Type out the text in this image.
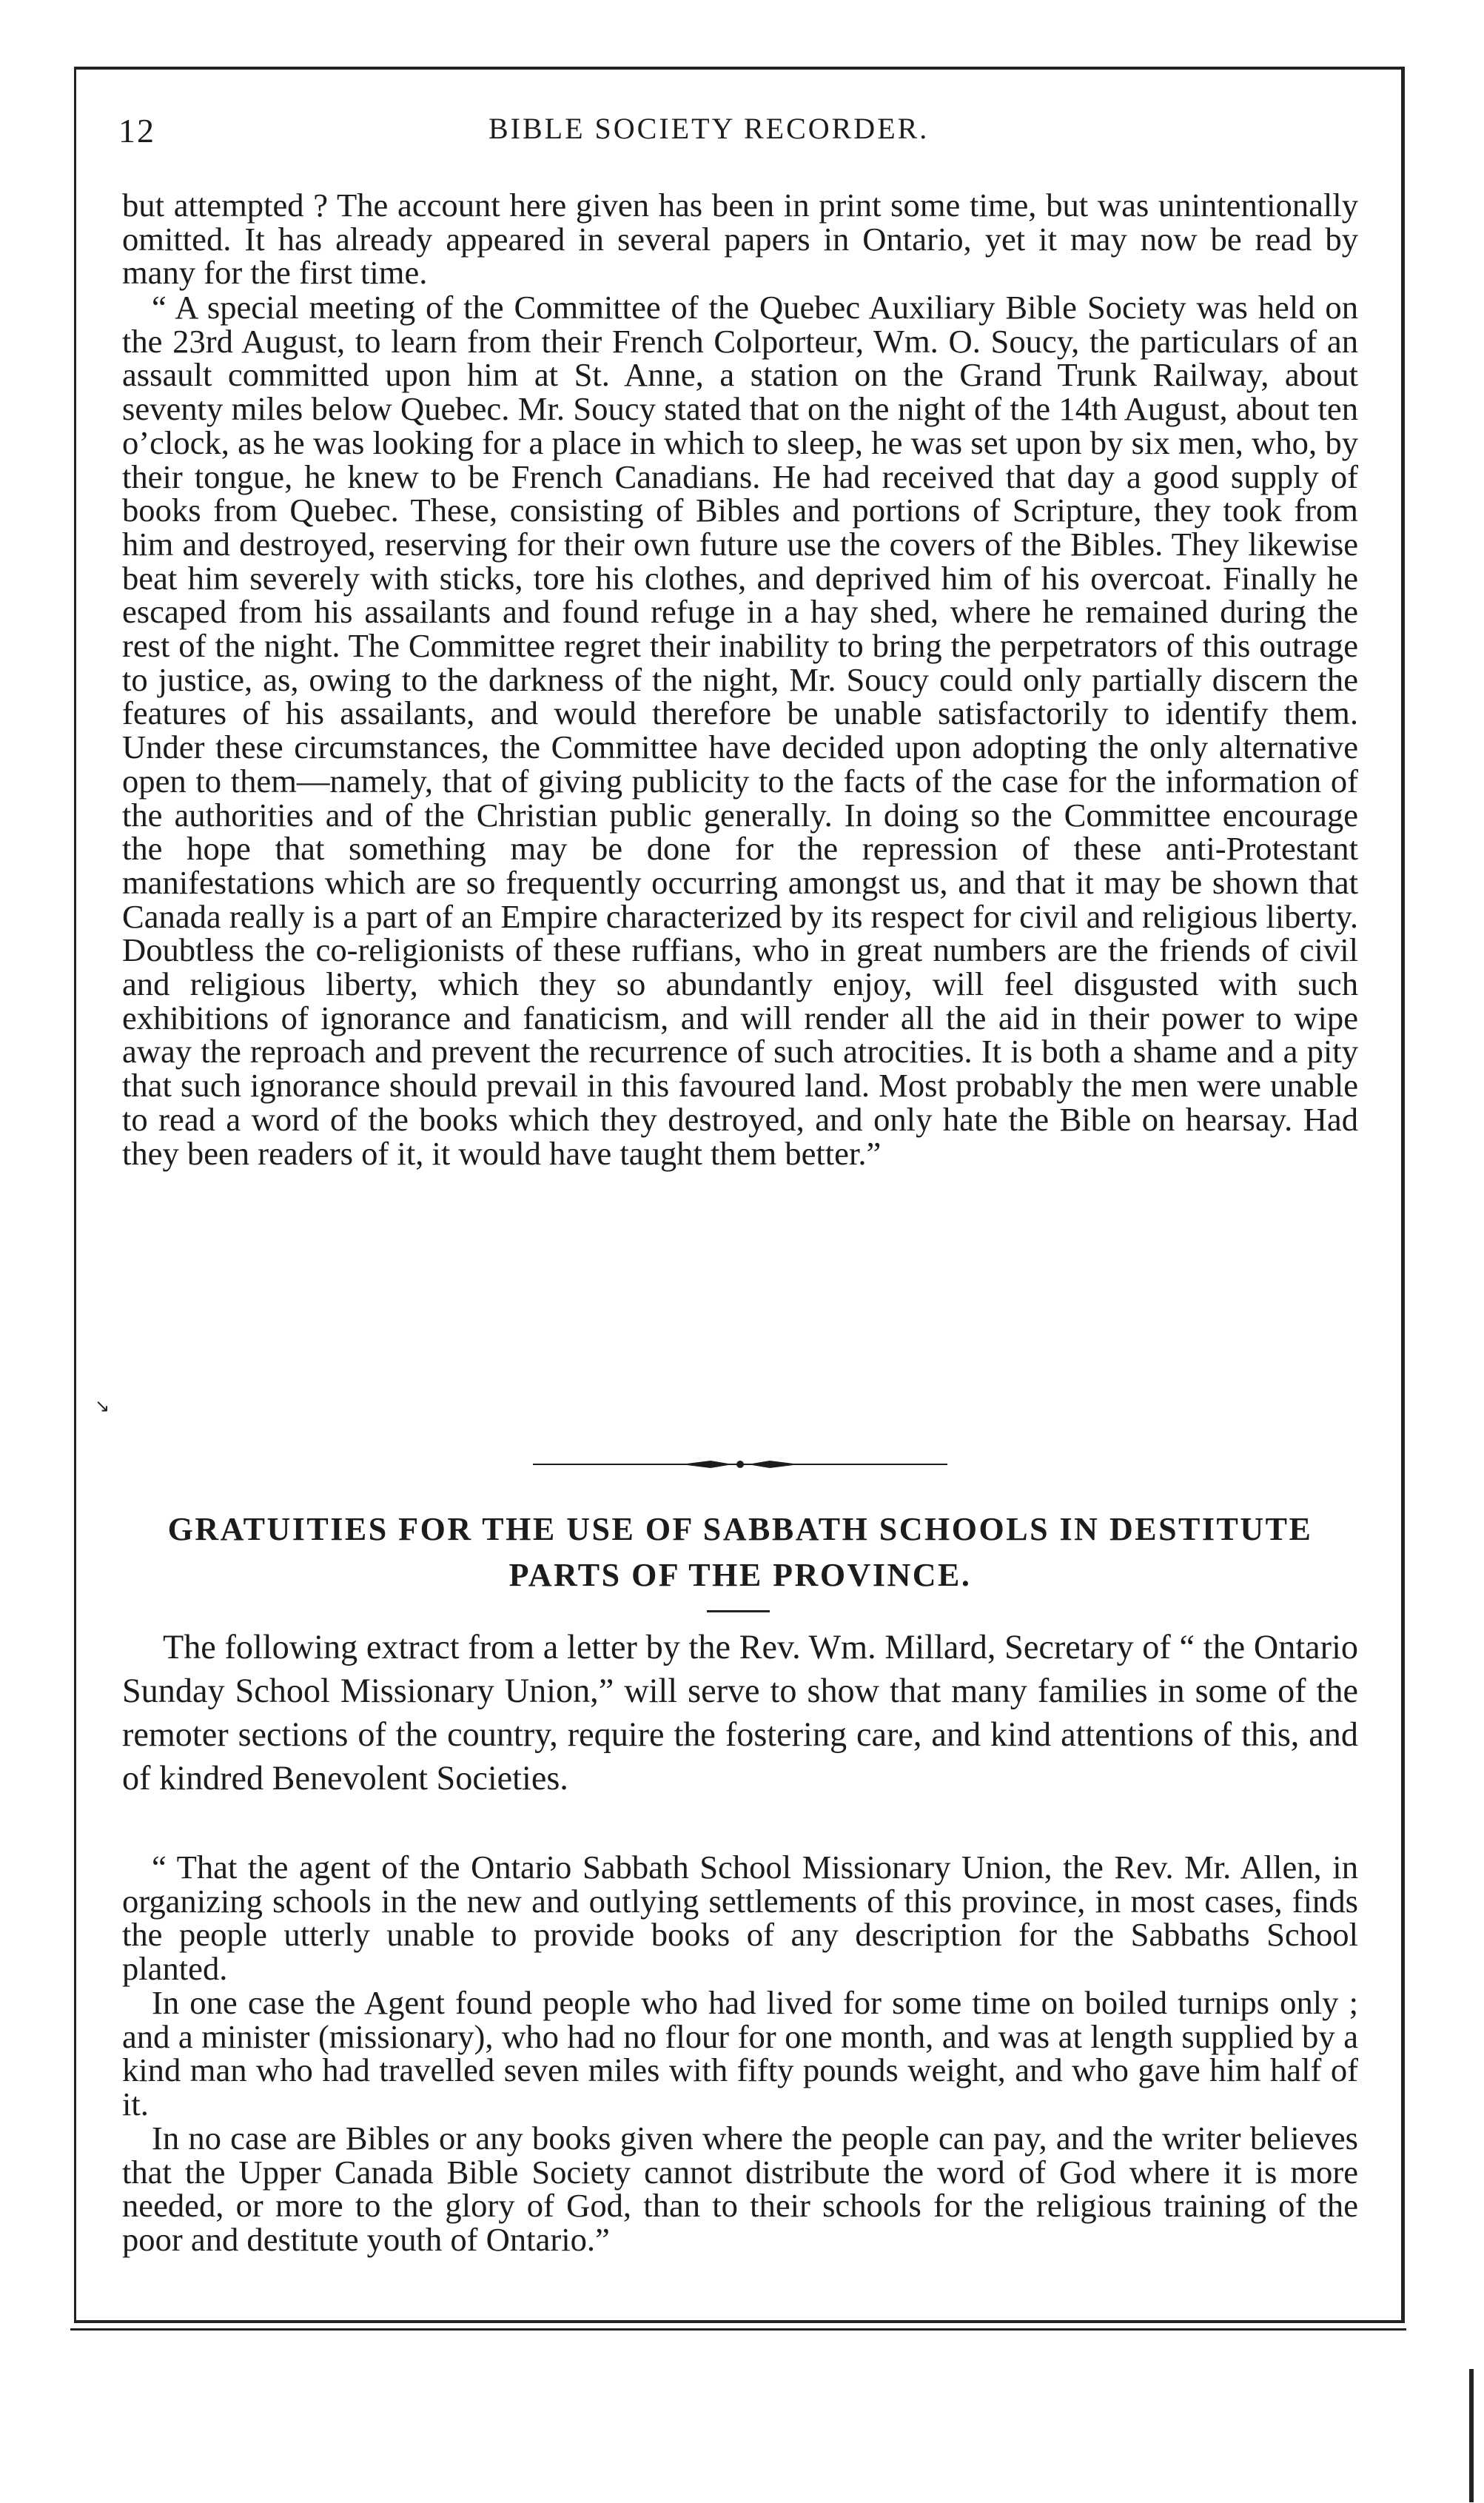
12	BIBLE SOCIETY RECORDER.

but attempted ? The account here given has been in print some time, but was unintentionally omitted. It has already appeared in several papers in Ontario, yet it may now be read by many for the first time.

“ A special meeting of the Committee of the Quebec Auxiliary Bible Society was held on the 23rd August, to learn from their French Colporteur, Wm. O. Soucy, the particulars of an assault committed upon him at St. Anne, a station on the Grand Trunk Railway, about seventy miles below Quebec. Mr. Soucy stated that on the night of the 14th August, about ten o’clock, as he was looking for a place in which to sleep, he was set upon by six men, who, by their tongue, he knew to be French Canadians. He had received that day a good supply of books from Quebec. These, consisting of Bibles and portions of Scripture, they took from him and destroyed, reserving for their own future use the covers of the Bibles. They likewise beat him severely with sticks, tore his clothes, and deprived him of his overcoat. Finally he escaped from his assailants and found refuge in a hay shed, where he remained during the rest of the night. The Committee regret their inability to bring the perpetrators of this outrage to justice, as, owing to the darkness of the night, Mr. Soucy could only partially discern the features of his assailants, and would therefore be unable satisfactorily to identify them. Under these circumstances, the Committee have decided upon adopting the only alternative open to them—namely, that of giving publicity to the facts of the case for the information of the authorities and of the Christian public generally. In doing so the Committee encourage the hope that something may be done for the repression of these anti-Protestant manifestations which are so frequently occurring amongst us, and that it may be shown that Canada really is a part of an Empire characterized by its respect for civil and religious liberty. Doubtless the co-religionists of these ruffians, who in great numbers are the friends of civil and religious liberty, which they so abundantly enjoy, will feel disgusted with such exhibitions of ignorance and fanaticism, and will render all the aid in their power to wipe away the reproach and prevent the recurrence of such atrocities. It is both a shame and a pity that such ignorance should prevail in this favoured land. Most probably the men were unable to read a word of the books which they destroyed, and only hate the Bible on hearsay. Had they been readers of it, it would have taught them better.”

↘
GRATUITIES FOR THE USE OF SABBATH SCHOOLS IN DESTITUTE PARTS OF THE PROVINCE.

The following extract from a letter by the Rev. Wm. Millard, Secretary of “ the Ontario Sunday School Missionary Union,” will serve to show that many families in some of the remoter sections of the country, require the fostering care, and kind attentions of this, and of kindred Benevolent Societies.

“ That the agent of the Ontario Sabbath School Missionary Union, the Rev. Mr. Allen, in organizing schools in the new and outlying settlements of this province, in most cases, finds the people utterly unable to provide books of any description for the Sabbaths School planted.

In one case the Agent found people who had lived for some time on boiled turnips only ; and a minister (missionary), who had no flour for one month, and was at length supplied by a kind man who had travelled seven miles with fifty pounds weight, and who gave him half of it.

In no case are Bibles or any books given where the people can pay, and the writer believes that the Upper Canada Bible Society cannot distribute the word of God where it is more needed, or more to the glory of God, than to their schools for the religious training of the poor and destitute youth of Ontario.”
